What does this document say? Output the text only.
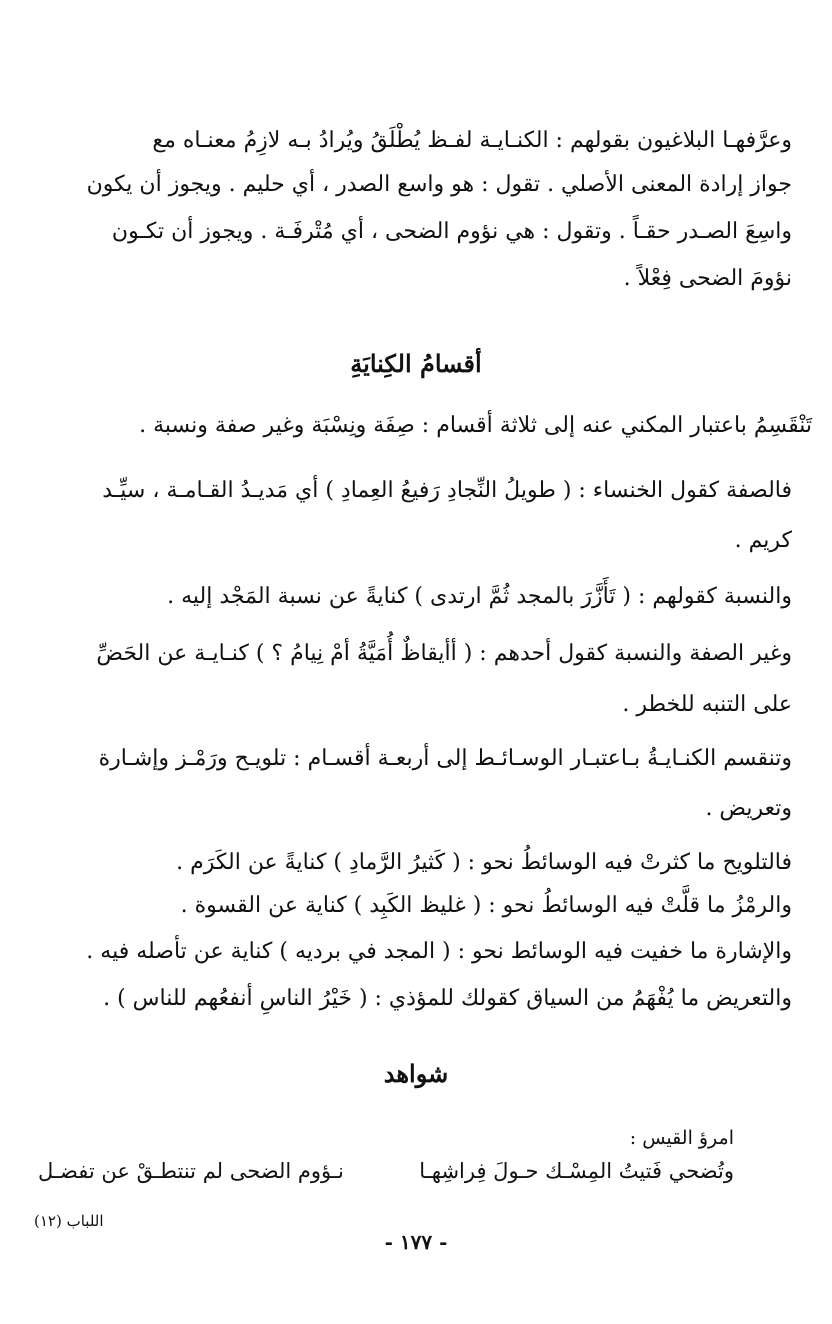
وعرَّفهـا البلاغيون بقولهم : الكنـايـة لفـظ يُطْلَقُ ويُرادُ بـه لازِمُ معنـاه مع
جواز إرادة المعنى الأصلي . تقول : هو واسع الصدر ، أي حليم . ويجوز أن يكون
واسِعَ الصـدر حقـاً . وتقول : هي نؤوم الضحى ، أي مُتْرفَـة . ويجوز أن تكـون
نؤومَ الضحى فِعْلاً .
أقسامُ الكِنايَةِ
تَنْقَسِمُ باعتبار المكني عنه إلى ثلاثة أقسام : صِفَة ونِسْبَة وغير صفة ونسبة .
فالصفة كقول الخنساء : ( طويلُ النِّجادِ رَفيعُ العِمادِ ) أي مَديـدُ القـامـة ، سيِّـد
كريم .
والنسبة كقولهم : ( تَأَزَّرَ بالمجد ثُمَّ ارتدى ) كنايةً عن نسبة المَجْد إليه .
وغير الصفة والنسبة كقول أحدهم : ( أأيقاظٌ أُمَيَّةُ أمْ نِيامُ ؟ ) كنـايـة عن الحَضِّ
على التنبه للخطر .
وتنقسم الكنـايـةُ بـاعتبـار الوسـائـط إلى أربعـة أقسـام : تلويـح ورَمْـز وإشـارة
وتعريض .
فالتلويح ما كثرتْ فيه الوسائطُ نحو : ( كَثيرُ الرَّمادِ ) كنايةً عن الكَرَم .
والرمْزُ ما قلَّتْ فيه الوسائطُ نحو : ( غليظ الكَبِد ) كناية عن القسوة .
والإشارة ما خفيت فيه الوسائط نحو : ( المجد في برديه ) كناية عن تأصله فيه .
والتعريض ما يُفْهَمُ من السياق كقولك للمؤذي : ( خَيْرُ الناسِ أنفعُهم للناس ) .
شواهد
امرؤ القيس :
وتُضحي فَتيتُ المِسْـك حـولَ فِراشِهـا
نـؤوم الضحى لم تنتطـقْ عن تفضـل
اللباب (١٢)
- ١٧٧ -
